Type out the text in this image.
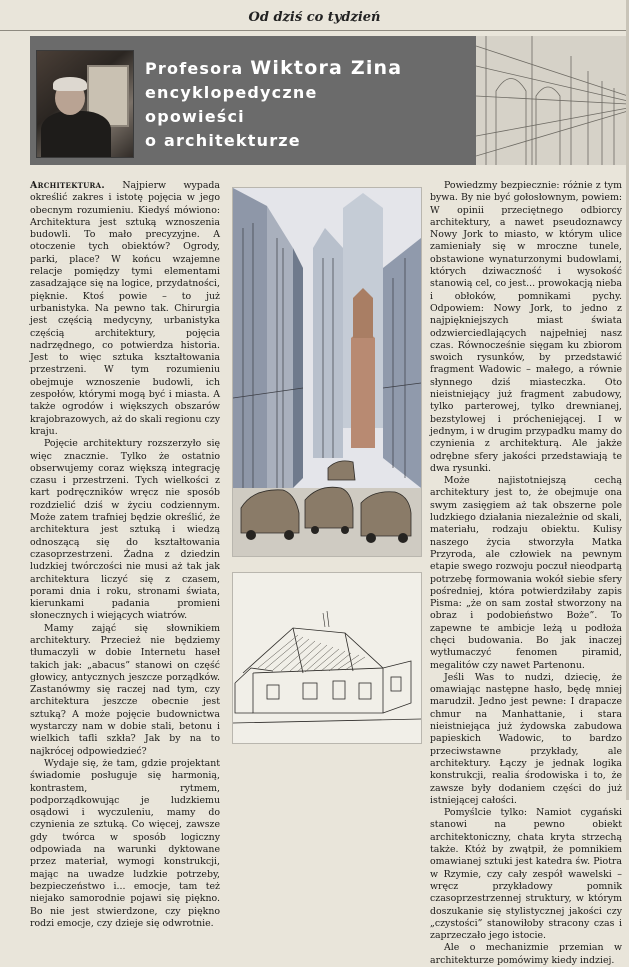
Od dziś co tydzień
Profesora Wiktora Zina
encyklopedyczne
opowieści
o architekturze

Architektura. Najpierw wypada określić zakres i istotę pojęcia w jego obecnym rozumieniu. Kiedyś mówiono: Architektura jest sztuką wznoszenia budowli. To mało precyzyjne. A otoczenie tych obiektów? Ogrody, parki, place? W końcu wzajemne relacje pomiędzy tymi elementami zasadzające się na logice, przydatności, pięknie. Ktoś powie – to już urbanistyka. Na pewno tak. Chirurgia jest częścią medycyny, urbanistyka częścią architektury, pojęcia nadrzędnego, co potwierdza historia. Jest to więc sztuka kształtowania przestrzeni. W tym rozumieniu obejmuje wznoszenie budowli, ich zespołów, którymi mogą być i miasta. A także ogrodów i większych obszarów krajobrazowych, aż do skali regionu czy kraju.

Pojęcie architektury rozszerzyło się więc znacznie. Tylko że ostatnio obserwujemy coraz większą integrację czasu i przestrzeni. Tych wielkości z kart podręczników wręcz nie sposób rozdzielić dziś w życiu codziennym. Może zatem trafniej będzie określić, że architektura jest sztuką i wiedzą odnoszącą się do kształtowania czasoprzestrzeni. Żadna z dziedzin ludzkiej twórczości nie musi aż tak jak architektura liczyć się z czasem, porami dnia i roku, stronami świata, kierunkami padania promieni słonecznych i wiejących wiatrów.

Mamy zająć się słownikiem architektury. Przecież nie będziemy tłumaczyli w dobie Internetu haseł takich jak: „abacus” stanowi on część głowicy, antycznych jeszcze porządków. Zastanówmy się raczej nad tym, czy architektura jeszcze obecnie jest sztuką? A może pojęcie budownictwa wystarczy nam w dobie stali, betonu i wielkich tafli szkła? Jak by na to najkrócej odpowiedzieć?

Wydaje się, że tam, gdzie projektant świadomie posługuje się harmonią, kontrastem, rytmem, podporządkowując je ludzkiemu osądowi i wyczuleniu, mamy do czynienia ze sztuką. Co więcej, zawsze gdy twórca w sposób logiczny odpowiada na warunki dyktowane przez materiał, wymogi konstrukcji, mając na uwadze ludzkie potrzeby, bezpieczeństwo i... emocje, tam też niejako samorodnie pojawi się piękno. Bo nie jest stwierdzone, czy piękno rodzi emocje, czy dzieje się odwrotnie.

Powiedzmy bezpiecznie: różnie z tym bywa. By nie być gołosłownym, powiem: W opinii przeciętnego odbiorcy architektury, a nawet pseudoznawcy Nowy Jork to miasto, w którym ulice zamieniały się w mroczne tunele, obstawione wynaturzonymi budowlami, których dziwaczność i wysokość stanowią cel, co jest... prowokacją nieba i obłoków, pomnikami pychy. Odpowiem: Nowy Jork, to jedno z najpiękniejszych miast świata odzwierciedlających najpełniej nasz czas. Równocześnie sięgam ku zbiorom swoich rysunków, by przedstawić fragment Wadowic – małego, a równie słynnego dziś miasteczka. Oto nieistniejący już fragment zabudowy, tylko parterowej, tylko drewnianej, bezstylowej i prócheniejącej. I w jednym, i w drugim przypadku mamy do czynienia z architekturą. Ale jakże odrębne sfery jakości przedstawiają te dwa rysunki.

Może najistotniejszą cechą architektury jest to, że obejmuje ona swym zasięgiem aż tak obszerne pole ludzkiego działania niezależnie od skali, materiału, rodzaju obiektu. Kulisy naszego życia stworzyła Matka Przyroda, ale człowiek na pewnym etapie swego rozwoju poczuł nieodpartą potrzebę formowania wokół siebie sfery pośredniej, która potwierdziłaby zapis Pisma: „że on sam został stworzony na obraz i podobieństwo Boże”. To zapewne te ambicje leżą u podłoża chęci budowania. Bo jak inaczej wytłumaczyć fenomen piramid, megalitów czy nawet Partenonu.

Jeśli Was to nudzi, dziecię, że omawiając następne hasło, będę mniej marudził. Jedno jest pewne: I drapacze chmur na Manhattanie, i stara nieistniejąca już żydowska zabudowa papieskich Wadowic, to bardzo przeciwstawne przykłady, ale architektury. Łączy je jednak logika konstrukcji, realia środowiska i to, że zawsze były dodaniem części do już istniejącej całości.

Pomyślcie tylko: Namiot cygański stanowi na pewno obiekt architektoniczny, chata kryta strzechą także. Któż by zwątpił, że pomnikiem omawianej sztuki jest katedra św. Piotra w Rzymie, czy cały zespół wawelski – wręcz przykładowy pomnik czasoprzestrzennej struktury, w którym doszukanie się stylistycznej jakości czy „czystości” stanowiłoby stracony czas i zaprzeczało jego istocie.

Ale o mechanizmie przemian w architekturze pomówimy kiedy indziej.
